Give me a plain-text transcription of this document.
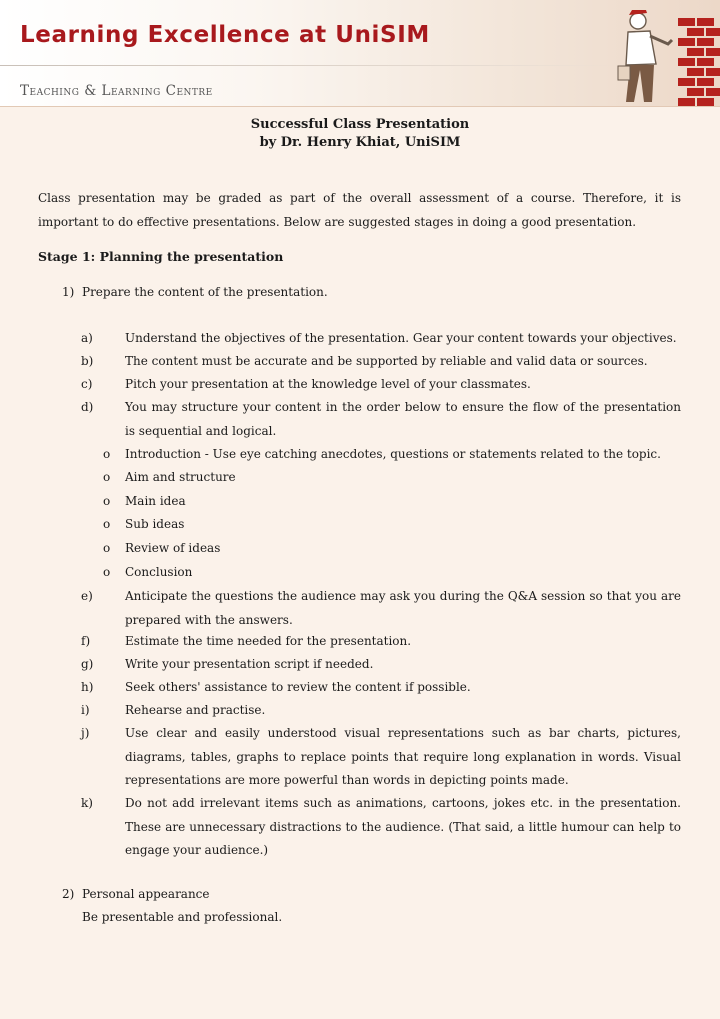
Learning Excellence at UniSIM
Teaching & Learning Centre
Successful Class Presentation
by Dr. Henry Khiat, UniSIM
Class presentation may be graded as part of the overall assessment of a course. Therefore, it is important to do effective presentations. Below are suggested stages in doing a good presentation.
Stage 1: Planning the presentation
1) Prepare the content of the presentation.
a)	Understand the objectives of the presentation. Gear your content towards your objectives.
b)	The content must be accurate and be supported by reliable and valid data or sources.
c)	Pitch your presentation at the knowledge level of your classmates.
d)	You may structure your content in the order below to ensure the flow of the presentation is sequential and logical.
o Introduction - Use eye catching anecdotes, questions or statements related to the topic.
o Aim and structure
o Main idea
o Sub ideas
o Review of ideas
o Conclusion
e)	Anticipate the questions the audience may ask you during the Q&A session so that you are prepared with the answers.
f)	Estimate the time needed for the presentation.
g)	Write your presentation script if needed.
h)	Seek others' assistance to review the content if possible.
i)	Rehearse and practise.
j)	Use clear and easily understood visual representations such as bar charts, pictures, diagrams, tables, graphs to replace points that require long explanation in words. Visual representations are more powerful than words in depicting points made.
k)	Do not add irrelevant items such as animations, cartoons, jokes etc. in the presentation. These are unnecessary distractions to the audience. (That said, a little humour can help to engage your audience.)
2) Personal appearance
Be presentable and professional.
